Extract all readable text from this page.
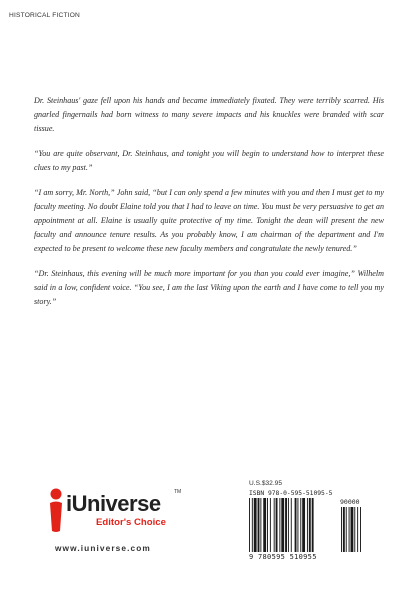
HISTORICAL FICTION

Dr. Steinhaus' gaze fell upon his hands and became immediately fixated. They were terribly scarred. His gnarled fingernails had born witness to many severe impacts and his knuckles were branded with scar tissue.

“You are quite observant, Dr. Steinhaus, and tonight you will begin to understand how to interpret these clues to my past.”

“I am sorry, Mr. North,” John said, “but I can only spend a few minutes with you and then I must get to my faculty meeting. No doubt Elaine told you that I had to leave on time. You must be very persuasive to get an appointment at all. Elaine is usually quite protective of my time. Tonight the dean will present the new faculty and announce tenure results. As you probably know, I am chairman of the department and I'm expected to be present to welcome these new faculty members and congratulate the newly tenured.”

“Dr. Steinhaus, this evening will be much more important for you than you could ever imagine,” Wilhelm said in a low, confident voice. “You see, I am the last Viking upon the earth and I have come to tell you my story.”

iUniverse	TM
Editor's Choice
www.iuniverse.com
U.S.$32.95
ISBN 978-0-595-51095-5
90000
9 780595 510955
